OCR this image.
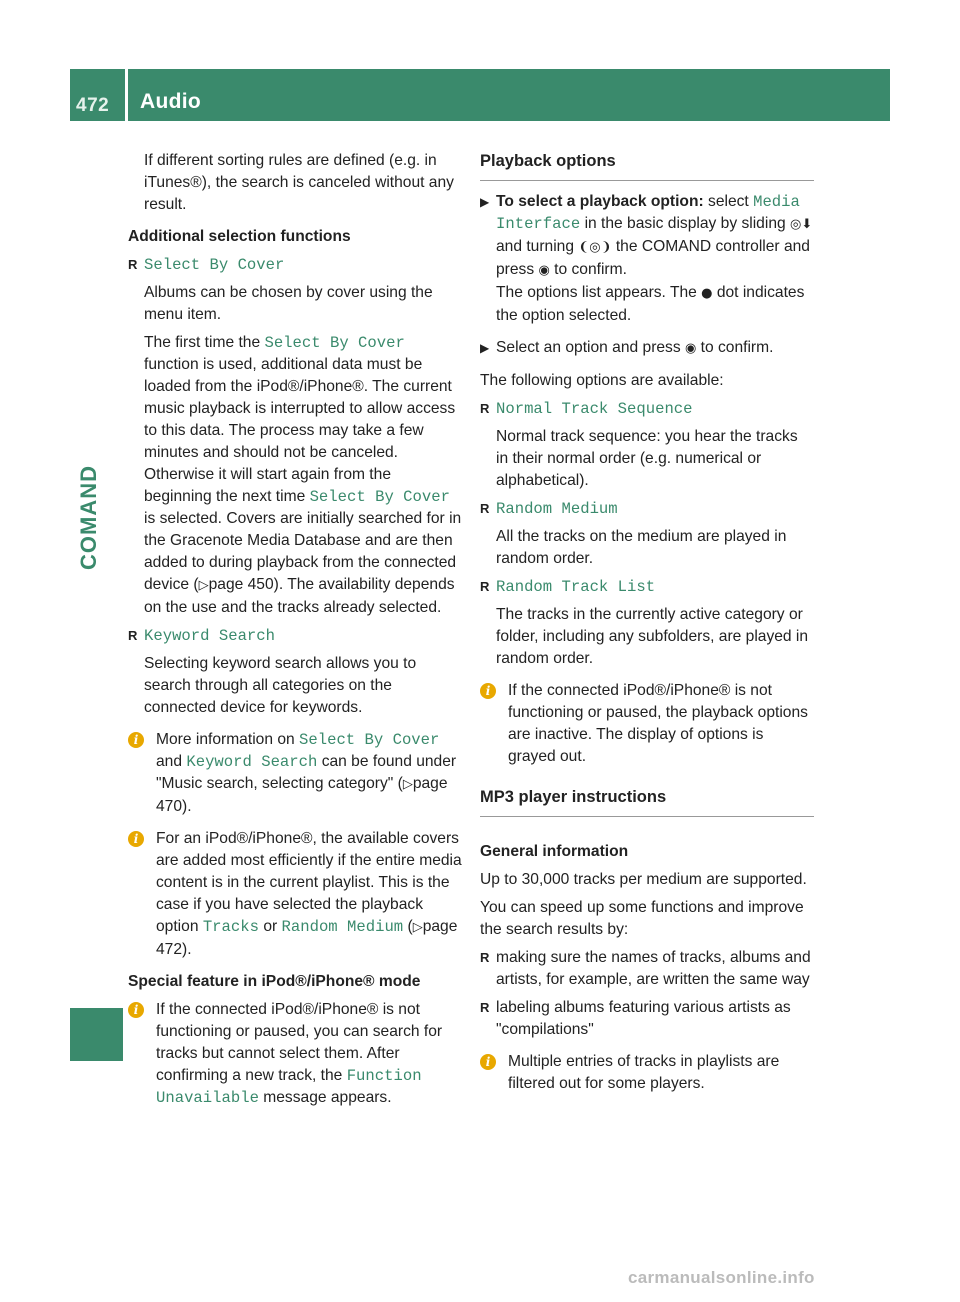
472 Audio
COMAND

If different sorting rules are defined (e.g. in iTunes®), the search is canceled without any result.

Additional selection functions

R Select By Cover

Albums can be chosen by cover using the menu item.

The first time the Select By Cover function is used, additional data must be loaded from the iPod®/iPhone®. The current music playback is interrupted to allow access to this data. The process may take a few minutes and should not be canceled. Otherwise it will start again from the beginning the next time Select By Cover is selected. Covers are initially searched for in the Gracenote Media Database and are then added to during playback from the connected device (▷page 450). The availability depends on the use and the tracks already selected.

R Keyword Search

Selecting keyword search allows you to search through all categories on the connected device for keywords.

i	More information on Select By Cover and Keyword Search can be found under "Music search, selecting category" (▷page 470).

i	For an iPod®/iPhone®, the available covers are added most efficiently if the entire media content is in the current playlist. This is the case if you have selected the playback option Tracks or Random Medium (▷page 472).

Special feature in iPod®/iPhone® mode

i	If the connected iPod®/iPhone® is not functioning or paused, you can search for tracks but cannot select them. After confirming a new track, the Function Unavailable message appears.

Playback options

▶ To select a playback option: select Media Interface in the basic display by sliding ◎⬇ and turning ❨◎❩ the COMAND controller and press ◉ to confirm.

The options list appears. The ● dot indicates the option selected.

▶ Select an option and press ◉ to confirm.

The following options are available:

R Normal Track Sequence

Normal track sequence: you hear the tracks in their normal order (e.g. numerical or alphabetical).

R Random Medium

All the tracks on the medium are played in random order.

R Random Track List

The tracks in the currently active category or folder, including any subfolders, are played in random order.

i	If the connected iPod®/iPhone® is not functioning or paused, the playback options are inactive. The display of options is grayed out.

MP3 player instructions

General information

Up to 30,000 tracks per medium are supported.

You can speed up some functions and improve the search results by:

R making sure the names of tracks, albums and artists, for example, are written the same way

R labeling albums featuring various artists as "compilations"

i	Multiple entries of tracks in playlists are filtered out for some players.

carmanualsonline.info
